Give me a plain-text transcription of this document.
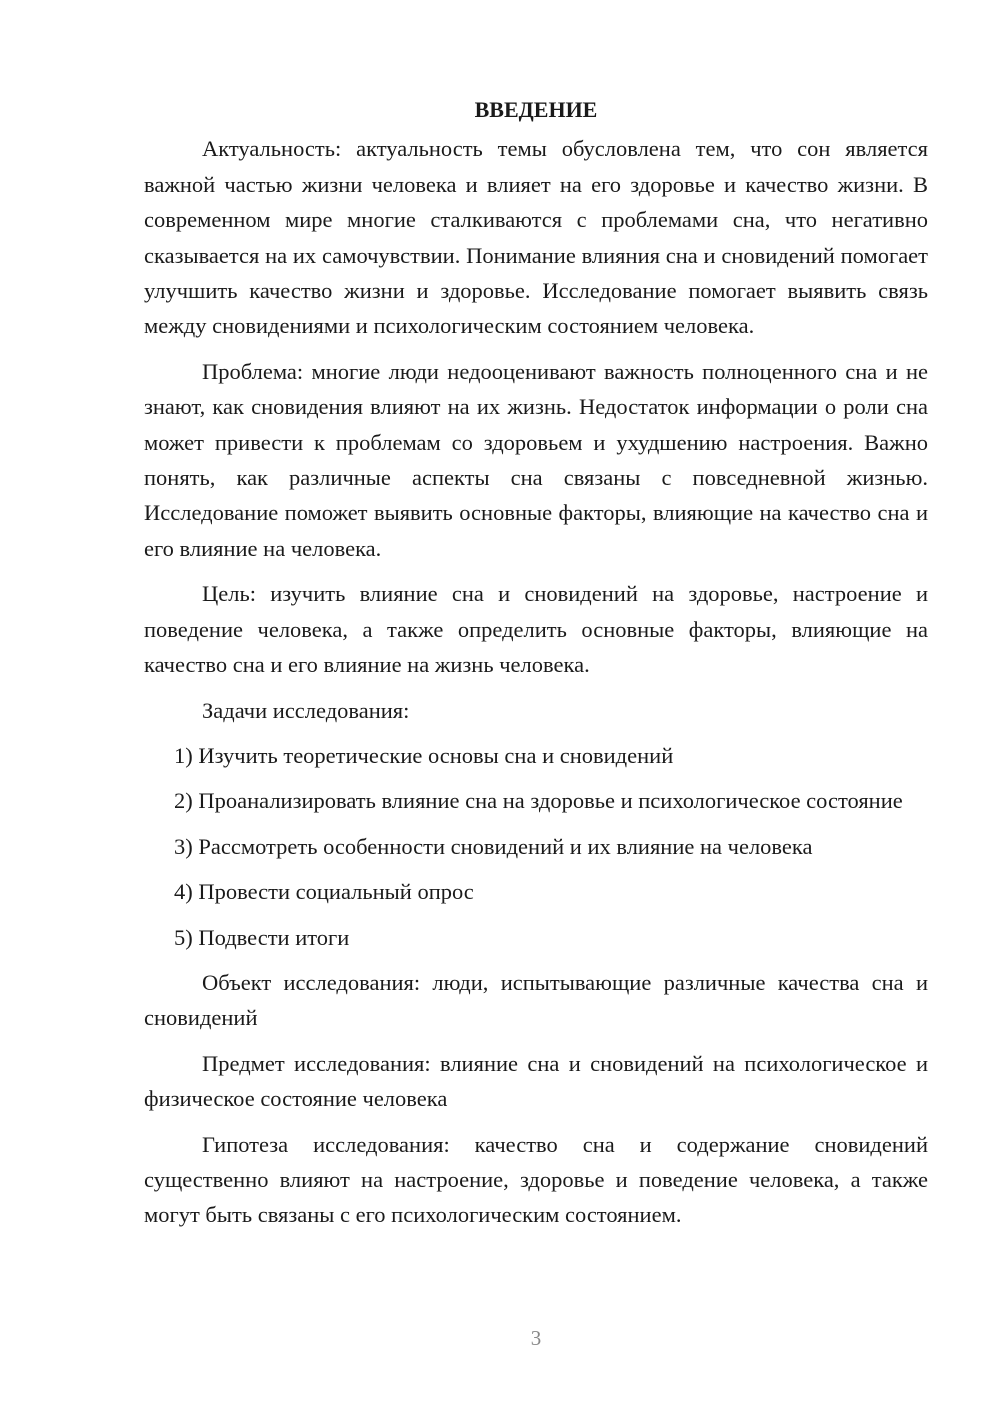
ВВЕДЕНИЕ

Актуальность: актуальность темы обусловлена тем, что сон является важной частью жизни человека и влияет на его здоровье и качество жизни. В современном мире многие сталкиваются с проблемами сна, что негативно сказывается на их самочувствии. Понимание влияния сна и сновидений помогает улучшить качество жизни и здоровье. Исследование помогает выявить связь между сновидениями и психологическим состоянием человека.

Проблема: многие люди недооценивают важность полноценного сна и не знают, как сновидения влияют на их жизнь. Недостаток информации о роли сна может привести к проблемам со здоровьем и ухудшению настроения. Важно понять, как различные аспекты сна связаны с повседневной жизнью. Исследование поможет выявить основные факторы, влияющие на качество сна и его влияние на человека.

Цель: изучить влияние сна и сновидений на здоровье, настроение и поведение человека, а также определить основные факторы, влияющие на качество сна и его влияние на жизнь человека.

Задачи исследования:

1) Изучить теоретические основы сна и сновидений

2) Проанализировать влияние сна на здоровье и психологическое состояние

3) Рассмотреть особенности сновидений и их влияние на человека

4) Провести социальный опрос

5) Подвести итоги

Объект исследования: люди, испытывающие различные качества сна и сновидений

Предмет исследования: влияние сна и сновидений на психологическое и физическое состояние человека

Гипотеза исследования: качество сна и содержание сновидений существенно влияют на настроение, здоровье и поведение человека, а также могут быть связаны с его психологическим состоянием.

3
